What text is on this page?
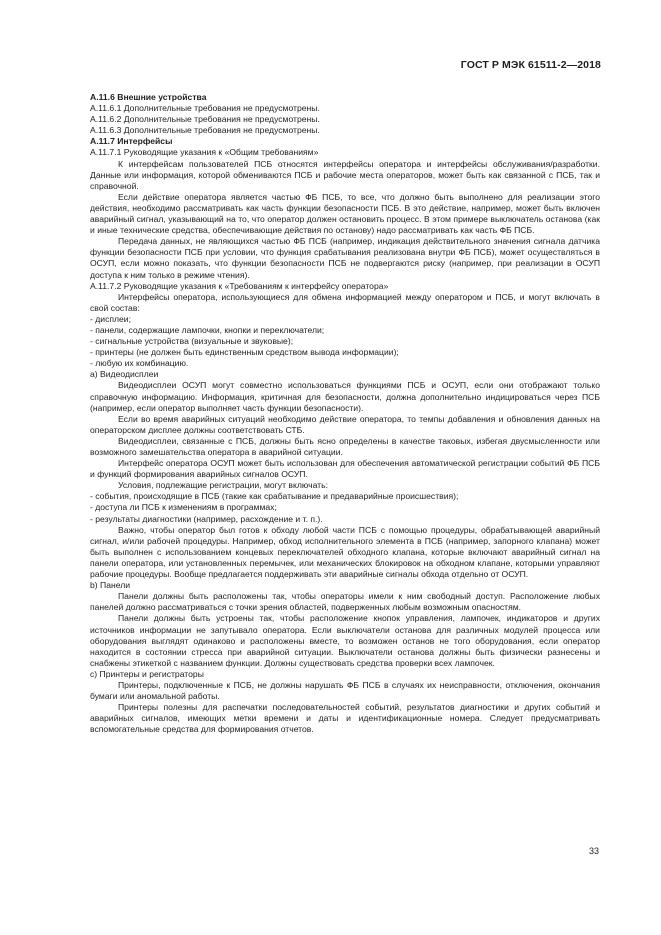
ГОСТ Р МЭК 61511-2—2018

A.11.6 Внешние устройства

A.11.6.1 Дополнительные требования не предусмотрены.

A.11.6.2 Дополнительные требования не предусмотрены.

A.11.6.3 Дополнительные требования не предусмотрены.

A.11.7 Интерфейсы

A.11.7.1 Руководящие указания к «Общим требованиям»

К интерфейсам пользователей ПСБ относятся интерфейсы оператора и интерфейсы обслуживания/разработки. Данные или информация, которой обмениваются ПСБ и рабочие места операторов, может быть как связанной с ПСБ, так и справочной.

Если действие оператора является частью ФБ ПСБ, то все, что должно быть выполнено для реализации этого действия, необходимо рассматривать как часть функции безопасности ПСБ. В это действие, например, может быть включен аварийный сигнал, указывающий на то, что оператор должен остановить процесс. В этом примере выключатель останова (как и иные технические средства, обеспечивающие действия по останову) надо рассматривать как часть ФБ ПСБ.

Передача данных, не являющихся частью ФБ ПСБ (например, индикация действительного значения сигнала датчика функции безопасности ПСБ при условии, что функция срабатывания реализована внутри ФБ ПСБ), может осуществляться в ОСУП, если можно показать, что функции безопасности ПСБ не подвергаются риску (например, при реализации в ОСУП доступа к ним только в режиме чтения).

A.11.7.2 Руководящие указания к «Требованиям к интерфейсу оператора»

Интерфейсы оператора, использующиеся для обмена информацией между оператором и ПСБ, и могут включать в свой состав:

- дисплеи;

- панели, содержащие лампочки, кнопки и переключатели;

- сигнальные устройства (визуальные и звуковые);

- принтеры (не должен быть единственным средством вывода информации);

- любую их комбинацию.

а) Видеодисплеи

Видеодисплеи ОСУП могут совместно использоваться функциями ПСБ и ОСУП, если они отображают только справочную информацию. Информация, критичная для безопасности, должна дополнительно индицироваться через ПСБ (например, если оператор выполняет часть функции безопасности).

Если во время аварийных ситуаций необходимо действие оператора, то темпы добавления и обновления данных на операторском дисплее должны соответствовать СТБ.

Видеодисплеи, связанные с ПСБ, должны быть ясно определены в качестве таковых, избегая двусмысленности или возможного замешательства оператора в аварийной ситуации.

Интерфейс оператора ОСУП может быть использован для обеспечения автоматической регистрации событий ФБ ПСБ и функций формирования аварийных сигналов ОСУП.

Условия, подлежащие регистрации, могут включать:

- события, происходящие в ПСБ (такие как срабатывание и предаварийные происшествия);

- доступа ли ПСБ к изменениям в программах;

- результаты диагностики (например, расхождение и т. п.).

Важно, чтобы оператор был готов к обходу любой части ПСБ с помощью процедуры, обрабатывающей аварийный сигнал, и/или рабочей процедуры. Например, обход исполнительного элемента в ПСБ (например, запорного клапана) может быть выполнен с использованием концевых переключателей обходного клапана, которые включают аварийный сигнал на панели оператора, или установленных перемычек, или механических блокировок на обходном клапане, которыми управляют рабочие процедуры. Вообще предлагается поддерживать эти аварийные сигналы обхода отдельно от ОСУП.

b) Панели

Панели должны быть расположены так, чтобы операторы имели к ним свободный доступ. Расположение любых панелей должно рассматриваться с точки зрения областей, подверженных любым возможным опасностям.

Панели должны быть устроены так, чтобы расположение кнопок управления, лампочек, индикаторов и других источников информации не запутывало оператора. Если выключатели останова для различных модулей процесса или оборудования выглядят одинаково и расположены вместе, то возможен останов не того оборудования, если оператор находится в состоянии стресса при аварийной ситуации. Выключатели останова должны быть физически разнесены и снабжены этикеткой с названием функции. Должны существовать средства проверки всех лампочек.

c) Принтеры и регистраторы

Принтеры, подключенные к ПСБ, не должны нарушать ФБ ПСБ в случаях их неисправности, отключения, окончания бумаги или аномальной работы.

Принтеры полезны для распечатки последовательностей событий, результатов диагностики и других событий и аварийных сигналов, имеющих метки времени и даты и идентификационные номера. Следует предусматривать вспомогательные средства для формирования отчетов.

33
